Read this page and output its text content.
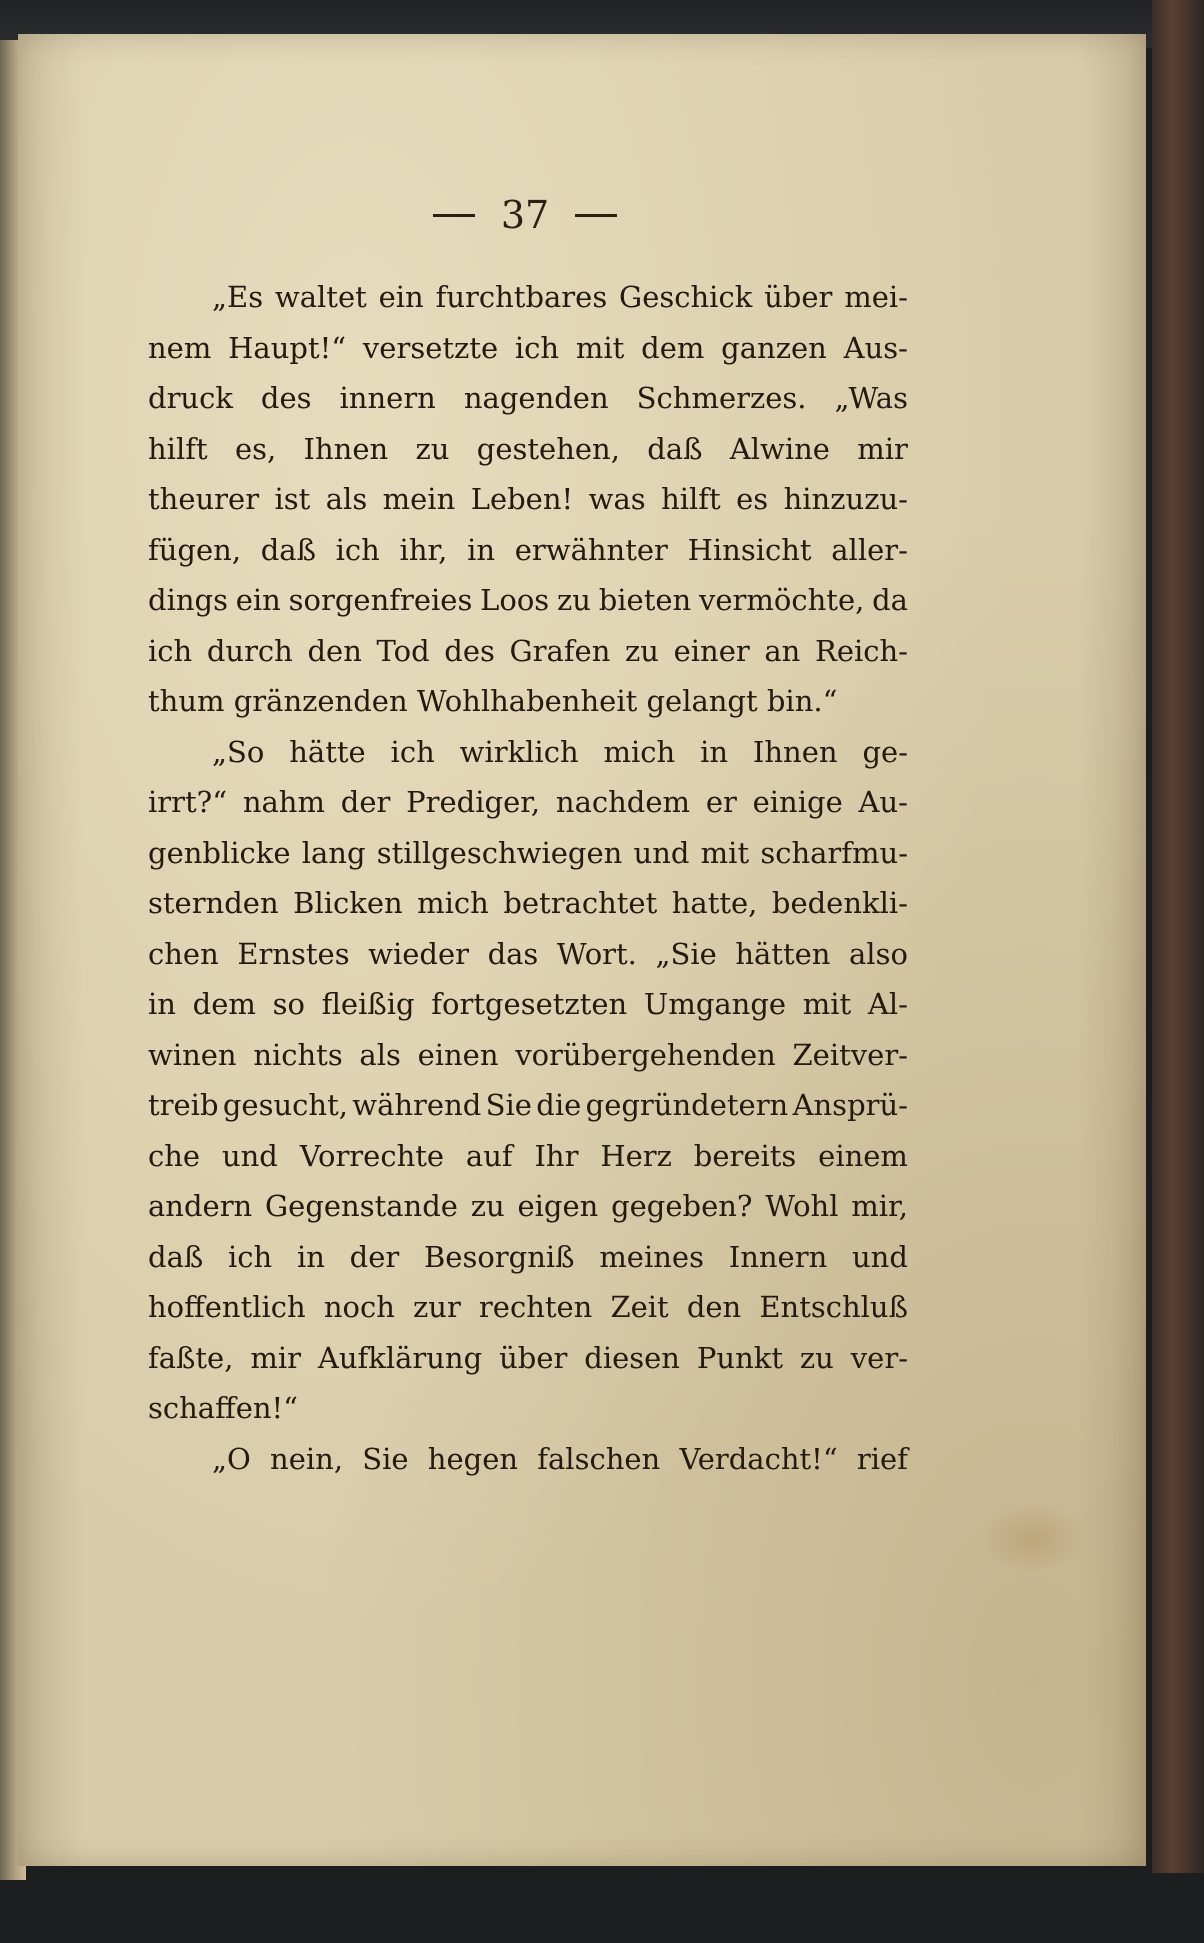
37
„Es waltet ein furchtbares Geschick über mei-
nem Haupt!“ versetzte ich mit dem ganzen Aus-
druck des innern nagenden Schmerzes. „Was
hilft es, Ihnen zu gestehen, daß Alwine mir
theurer ist als mein Leben! was hilft es hinzuzu-
fügen, daß ich ihr, in erwähnter Hinsicht aller-
dings ein sorgenfreies Loos zu bieten vermöchte, da
ich durch den Tod des Grafen zu einer an Reich-
thum gränzenden Wohlhabenheit gelangt bin.“
„So hätte ich wirklich mich in Ihnen ge-
irrt?“ nahm der Prediger, nachdem er einige Au-
genblicke lang stillgeschwiegen und mit scharfmu-
sternden Blicken mich betrachtet hatte, bedenkli-
chen Ernstes wieder das Wort. „Sie hätten also
in dem so fleißig fortgesetzten Umgange mit Al-
winen nichts als einen vorübergehenden Zeitver-
treib gesucht, während Sie die gegründetern Ansprü-
che und Vorrechte auf Ihr Herz bereits einem
andern Gegenstande zu eigen gegeben? Wohl mir,
daß ich in der Besorgniß meines Innern und
hoffentlich noch zur rechten Zeit den Entschluß
faßte, mir Aufklärung über diesen Punkt zu ver-
schaffen!“
„O nein, Sie hegen falschen Verdacht!“ rief
